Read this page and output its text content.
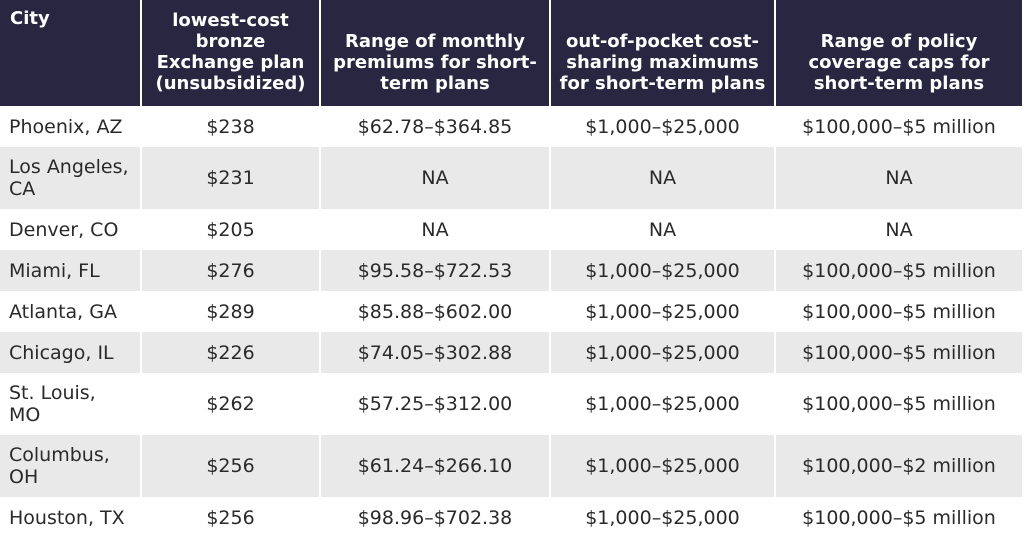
City	lowest-cost bronze Exchange plan (unsubsidized)	Range of monthly premiums for short-term plans	out-of-pocket cost-sharing maximums for short-term plans	Range of policy coverage caps for short-term plans
Phoenix, AZ	$238	$62.78–$364.85	$1,000–$25,000	$100,000–$5 million
Los Angeles, CA	$231	NA	NA	NA
Denver, CO	$205	NA	NA	NA
Miami, FL	$276	$95.58–$722.53	$1,000–$25,000	$100,000–$5 million
Atlanta, GA	$289	$85.88–$602.00	$1,000–$25,000	$100,000–$5 million
Chicago, IL	$226	$74.05–$302.88	$1,000–$25,000	$100,000–$5 million
St. Louis, MO	$262	$57.25–$312.00	$1,000–$25,000	$100,000–$5 million
Columbus, OH	$256	$61.24–$266.10	$1,000–$25,000	$100,000–$2 million
Houston, TX	$256	$98.96–$702.38	$1,000–$25,000	$100,000–$5 million
